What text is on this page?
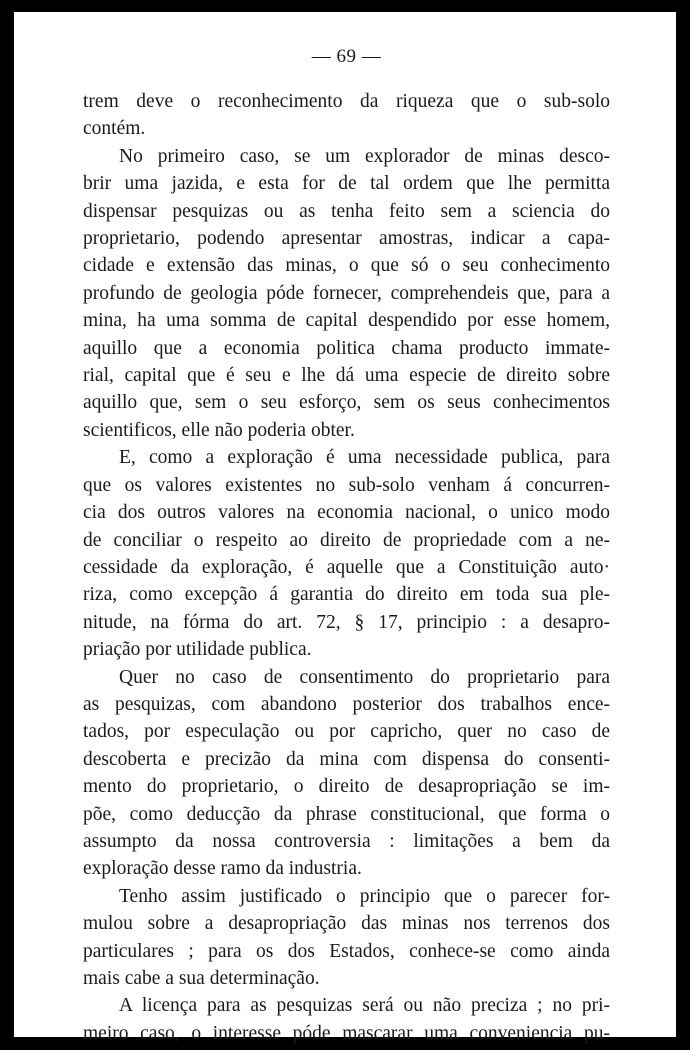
— 69 —

trem deve o reconhecimento da riqueza que o sub-solo
contém.

No primeiro caso, se um explorador de minas desco-
brir uma jazida, e esta for de tal ordem que lhe permitta
dispensar pesquizas ou as tenha feito sem a sciencia do
proprietario, podendo apresentar amostras, indicar a capa-
cidade e extensão das minas, o que só o seu conhecimento
profundo de geologia póde fornecer, comprehendeis que, para a
mina, ha uma somma de capital despendido por esse homem,
aquillo que a economia politica chama producto immate-
rial, capital que é seu e lhe dá uma especie de direito sobre
aquillo que, sem o seu esforço, sem os seus conhecimentos
scientificos, elle não poderia obter.

E, como a exploração é uma necessidade publica, para
que os valores existentes no sub-solo venham á concurren-
cia dos outros valores na economia nacional, o unico modo
de conciliar o respeito ao direito de propriedade com a ne-
cessidade da exploração, é aquelle que a Constituição auto·
riza, como excepção á garantia do direito em toda sua ple-
nitude, na fórma do art. 72, § 17, principio : a desapro-
priação por utilidade publica.

Quer no caso de consentimento do proprietario para
as pesquizas, com abandono posterior dos trabalhos ence-
tados, por especulação ou por capricho, quer no caso de
descoberta e precizão da mina com dispensa do consenti-
mento do proprietario, o direito de desapropriação se im-
põe, como deducção da phrase constitucional, que forma o
assumpto da nossa controversia : limitações a bem da
exploração desse ramo da industria.

Tenho assim justificado o principio que o parecer for-
mulou sobre a desapropriação das minas nos terrenos dos
particulares ; para os dos Estados, conhece-se como ainda
mais cabe a sua determinação.

A licença para as pesquizas será ou não preciza ; no pri-
meiro caso, o interesse póde mascarar uma conveniencia pu-
